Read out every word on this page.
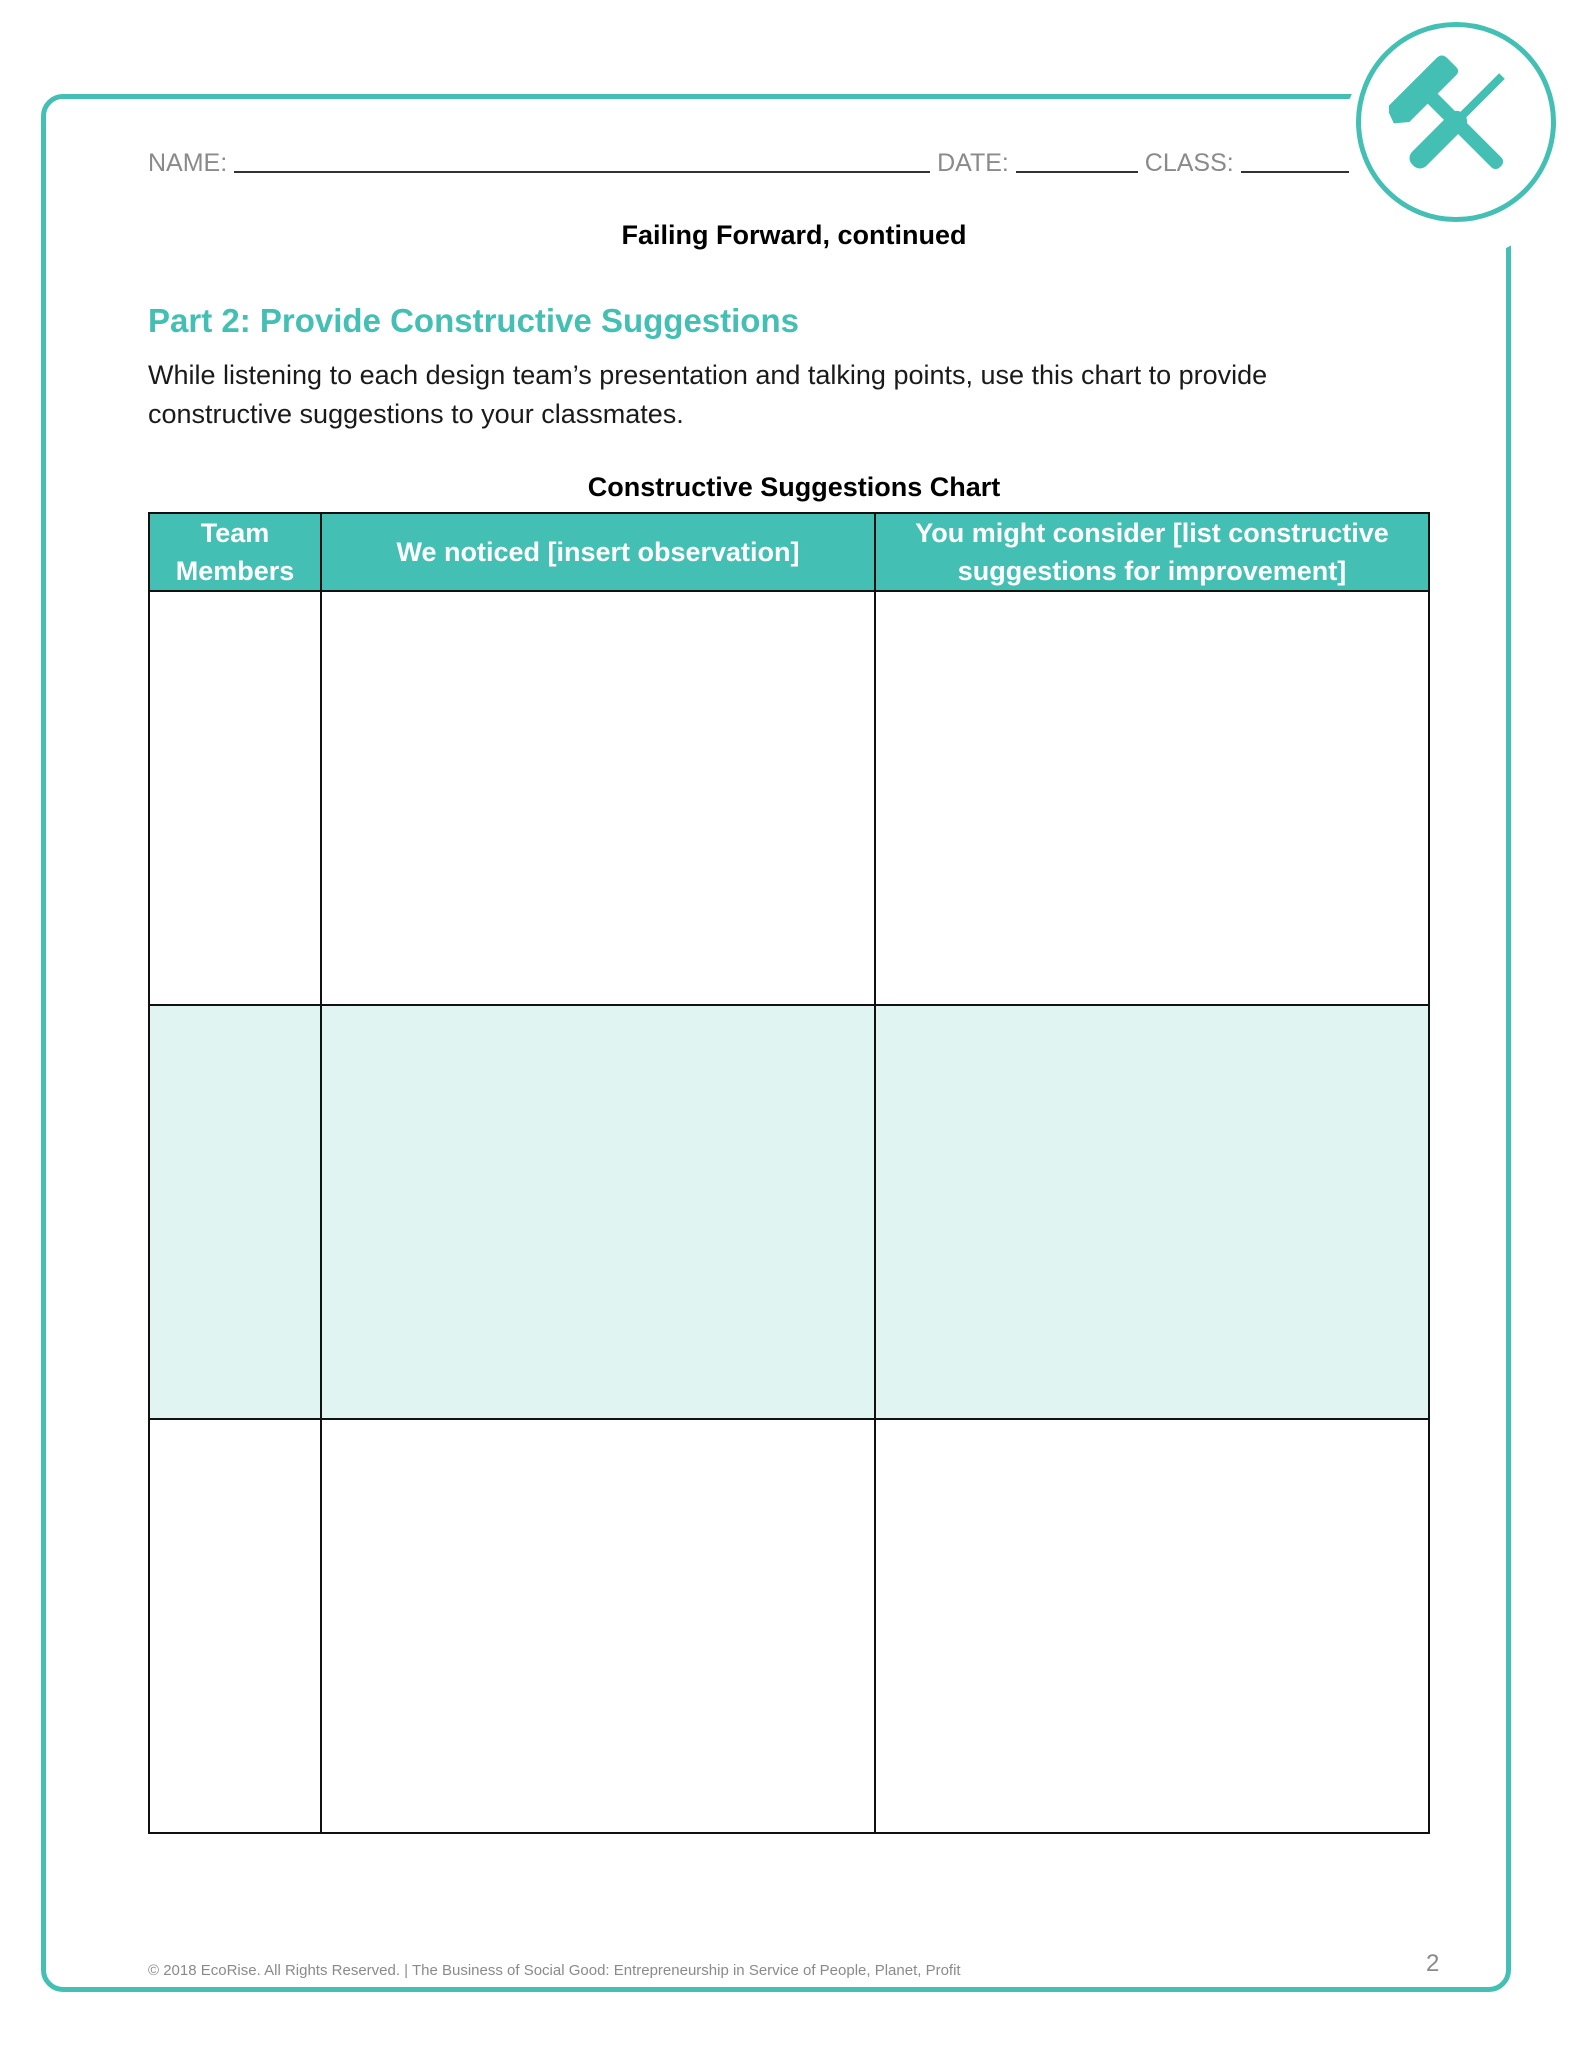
NAME:	DATE:	CLASS:
Failing Forward, continued
Part 2: Provide Constructive Suggestions
While listening to each design team’s presentation and talking points, use this chart to provide constructive suggestions to your classmates.
Constructive Suggestions Chart
Team Members	We noticed [insert observation]	You might consider [list constructive suggestions for improvement]

© 2018 EcoRise. All Rights Reserved. | The Business of Social Good: Entrepreneurship in Service of People, Planet, Profit	2
